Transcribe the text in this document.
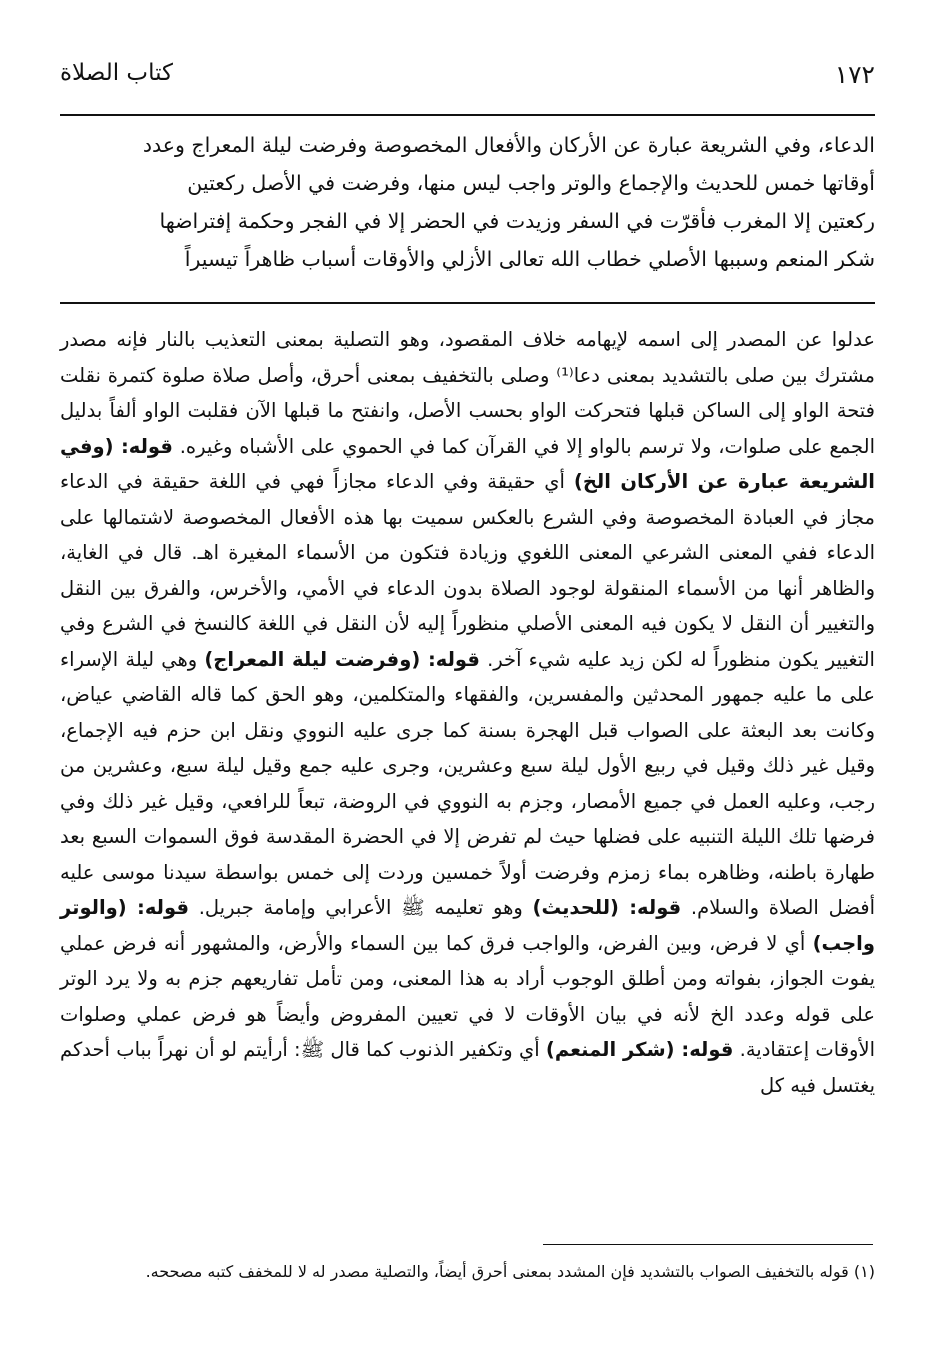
١٧٢
كتاب الصلاة
الدعاء، وفي الشريعة عبارة عن الأركان والأفعال المخصوصة وفرضت ليلة المعراج وعدد
أوقاتها خمس للحديث والإجماع والوتر واجب ليس منها، وفرضت في الأصل ركعتين
ركعتين إلا المغرب فأقرّت في السفر وزيدت في الحضر إلا في الفجر وحكمة إفتراضها
شكر المنعم وسببها الأصلي خطاب الله تعالى الأزلي والأوقات أسباب ظاهراً تيسيراً
عدلوا عن المصدر إلى اسمه لإيهامه خلاف المقصود، وهو التصلية بمعنى التعذيب بالنار فإنه مصدر مشترك بين صلى بالتشديد بمعنى دعا⁽¹⁾ وصلى بالتخفيف بمعنى أحرق، وأصل صلاة صلوة كتمرة نقلت فتحة الواو إلى الساكن قبلها فتحركت الواو بحسب الأصل، وانفتح ما قبلها الآن فقلبت الواو ألفاً بدليل الجمع على صلوات، ولا ترسم بالواو إلا في القرآن كما في الحموي على الأشباه وغيره. قوله: (وفي الشريعة عبارة عن الأركان الخ) أي حقيقة وفي الدعاء مجازاً فهي في اللغة حقيقة في الدعاء مجاز في العبادة المخصوصة وفي الشرع بالعكس سميت بها هذه الأفعال المخصوصة لاشتمالها على الدعاء ففي المعنى الشرعي المعنى اللغوي وزيادة فتكون من الأسماء المغيرة اهـ. قال في الغاية، والظاهر أنها من الأسماء المنقولة لوجود الصلاة بدون الدعاء في الأمي، والأخرس، والفرق بين النقل والتغيير أن النقل لا يكون فيه المعنى الأصلي منظوراً إليه لأن النقل في اللغة كالنسخ في الشرع وفي التغيير يكون منظوراً له لكن زيد عليه شيء آخر. قوله: (وفرضت ليلة المعراج) وهي ليلة الإسراء على ما عليه جمهور المحدثين والمفسرين، والفقهاء والمتكلمين، وهو الحق كما قاله القاضي عياض، وكانت بعد البعثة على الصواب قبل الهجرة بسنة كما جرى عليه النووي ونقل ابن حزم فيه الإجماع، وقيل غير ذلك وقيل في ربيع الأول ليلة سبع وعشرين، وجرى عليه جمع وقيل ليلة سبع، وعشرين من رجب، وعليه العمل في جميع الأمصار، وجزم به النووي في الروضة، تبعاً للرافعي، وقيل غير ذلك وفي فرضها تلك الليلة التنبيه على فضلها حيث لم تفرض إلا في الحضرة المقدسة فوق السموات السبع بعد طهارة باطنه، وظاهره بماء زمزم وفرضت أولاً خمسين وردت إلى خمس بواسطة سيدنا موسى عليه أفضل الصلاة والسلام. قوله: (للحديث) وهو تعليمه ﷺ الأعرابي وإمامة جبريل. قوله: (والوتر واجب) أي لا فرض، وبين الفرض، والواجب فرق كما بين السماء والأرض، والمشهور أنه فرض عملي يفوت الجواز، بفواته ومن أطلق الوجوب أراد به هذا المعنى، ومن تأمل تفاريعهم جزم به ولا يرد الوتر على قوله وعدد الخ لأنه في بيان الأوقات لا في تعيين المفروض وأيضاً هو فرض عملي وصلوات الأوقات إعتقادية. قوله: (شكر المنعم) أي وتكفير الذنوب كما قال ﷺ: أرأيتم لو أن نهراً بباب أحدكم يغتسل فيه كل
(١) قوله بالتخفيف الصواب بالتشديد فإن المشدد بمعنى أحرق أيضاً، والتصلية مصدر له لا للمخفف كتبه مصححه.
